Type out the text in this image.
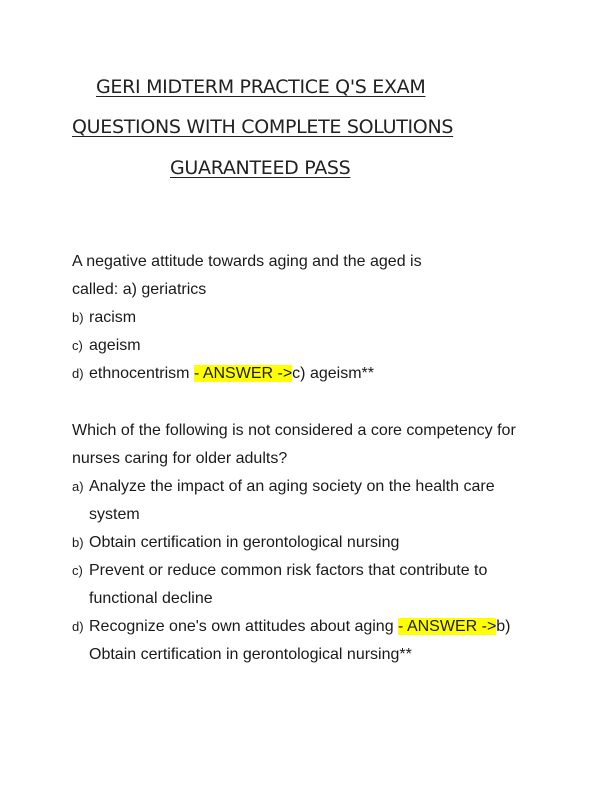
GERI MIDTERM PRACTICE Q'S EXAM
QUESTIONS WITH COMPLETE SOLUTIONS
GUARANTEED PASS
A negative attitude towards aging and the aged is
called: a) geriatrics
b) racism
c) ageism
d) ethnocentrism - ANSWER ->c) ageism**
Which of the following is not considered a core competency for
nurses caring for older adults?
a) Analyze the impact of an aging society on the health care system
b) Obtain certification in gerontological nursing
c) Prevent or reduce common risk factors that contribute to functional decline
d) Recognize one's own attitudes about aging - ANSWER ->b) Obtain certification in gerontological nursing**
